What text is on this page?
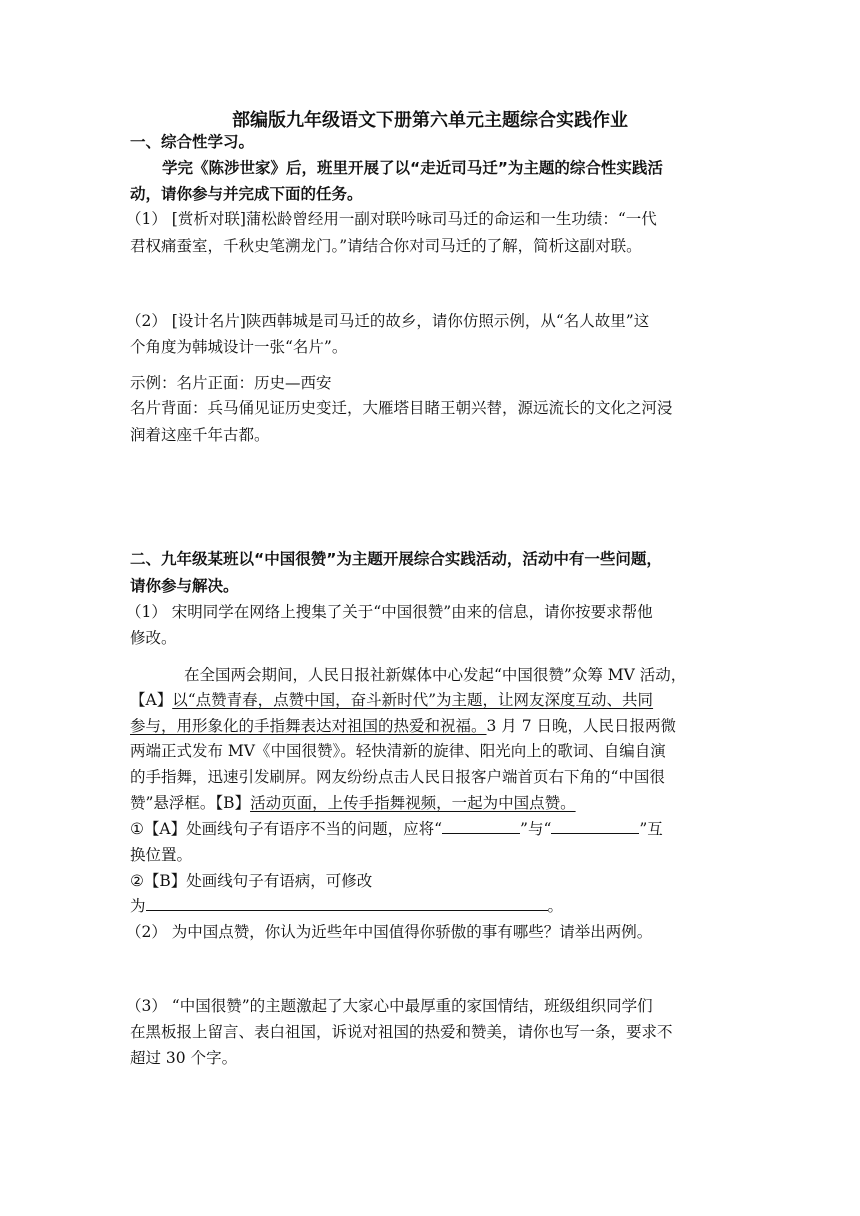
部编版九年级语文下册第六单元主题综合实践作业
一、综合性学习。
学完《陈涉世家》后，班里开展了以“走近司马迁”为主题的综合性实践活
动，请你参与并完成下面的任务。
（1） [赏析对联]蒲松龄曾经用一副对联吟咏司马迁的命运和一生功绩：“一代
君权痛蚕室，千秋史笔溯龙门。”请结合你对司马迁的了解，简析这副对联。
（2） [设计名片]陕西韩城是司马迁的故乡，请你仿照示例，从“名人故里”这
个角度为韩城设计一张“名片”。
示例：名片正面：历史—西安
名片背面：兵马俑见证历史变迁，大雁塔目睹王朝兴替，源远流长的文化之河浸
润着这座千年古都。
二、九年级某班以“中国很赞”为主题开展综合实践活动，活动中有一些问题，
请你参与解决。
（1） 宋明同学在网络上搜集了关于“中国很赞”由来的信息，请你按要求帮他
修改。
在全国两会期间，人民日报社新媒体中心发起“中国很赞”众筹 MV 活动，
【A】以“点赞青春，点赞中国，奋斗新时代”为主题，让网友深度互动、共同
参与，用形象化的手指舞表达对祖国的热爱和祝福。3 月 7 日晚，人民日报两微
两端正式发布 MV《中国很赞》。轻快清新的旋律、阳光向上的歌词、自编自演
的手指舞，迅速引发刷屏。网友纷纷点击人民日报客户端首页右下角的“中国很
赞”悬浮框。【B】活动页面，上传手指舞视频，一起为中国点赞。
①【A】处画线句子有语序不当的问题，应将“	”与“	”互
换位置。
②【B】处画线句子有语病，可修改
为	。
（2） 为中国点赞，你认为近些年中国值得你骄傲的事有哪些？请举出两例。
（3） “中国很赞”的主题激起了大家心中最厚重的家国情结，班级组织同学们
在黑板报上留言、表白祖国，诉说对祖国的热爱和赞美，请你也写一条，要求不
超过 30 个字。
